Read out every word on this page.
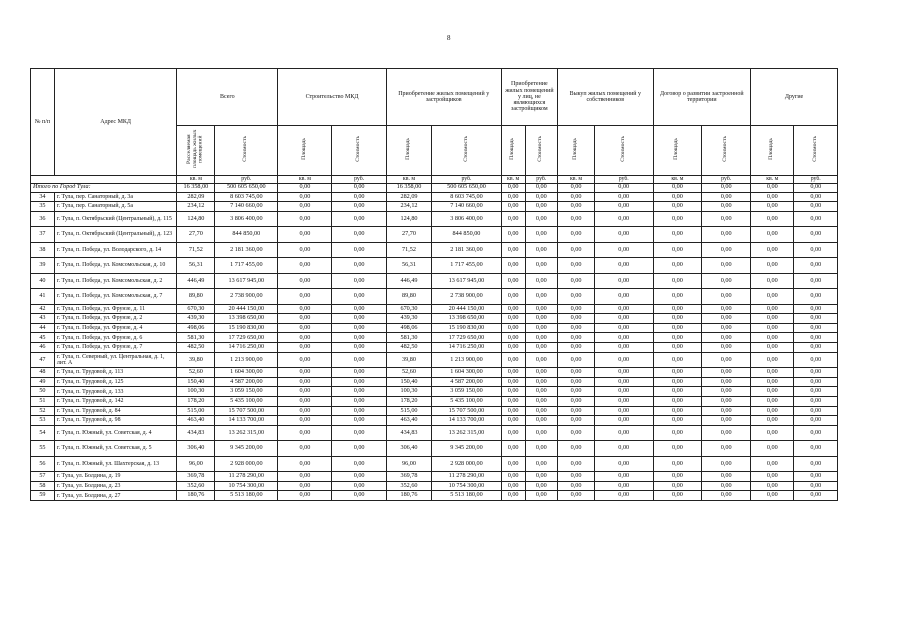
8
№ п/п	Адрес МКД	Всего		Строительство МКД		Приобретение жилых помещений у застройщиков		Приобретение жилых помещений у лиц, не являющихся застройщиком		Выкуп жилых помещений у собственников		Договор о развитии застроенной территории		Другие	
		Расселяемая площадь жилых помещений	Стоимость	Площадь	Стоимость	Площадь	Стоимость	Площадь	Стоимость	Площадь	Стоимость	Площадь	Стоимость	Площадь	Стоимость
		кв. м	руб.	кв. м	руб.	кв. м	руб.	кв. м	руб.	кв. м	руб.	кв. м	руб.	кв. м	руб.
Итого по Город Тула:		16 358,00	500 605 650,00	0,00	0,00	16 358,00	500 605 650,00	0,00	0,00	0,00	0,00	0,00	0,00	0,00	0,00
34	г. Тула, пер. Санаторный, д. 3а	282,09	8 603 745,00	0,00	0,00	282,09	8 603 745,00	0,00	0,00	0,00	0,00	0,00	0,00	0,00	0,00
35	г. Тула, пер. Санаторный, д. 5а	234,12	7 140 660,00	0,00	0,00	234,12	7 140 660,00	0,00	0,00	0,00	0,00	0,00	0,00	0,00	0,00
36	г. Тула, п. Октябрьский (Центральный), д. 115	124,80	3 806 400,00	0,00	0,00	124,80	3 806 400,00	0,00	0,00	0,00	0,00	0,00	0,00	0,00	0,00
37	г. Тула, п. Октябрьский (Центральный), д. 123	27,70	844 850,00	0,00	0,00	27,70	844 850,00	0,00	0,00	0,00	0,00	0,00	0,00	0,00	0,00
38	г. Тула, п. Победа, ул. Володарского, д. 14	71,52	2 181 360,00	0,00	0,00	71,52	2 181 360,00	0,00	0,00	0,00	0,00	0,00	0,00	0,00	0,00
39	г. Тула, п. Победа, ул. Комсомольская, д. 10	56,31	1 717 455,00	0,00	0,00	56,31	1 717 455,00	0,00	0,00	0,00	0,00	0,00	0,00	0,00	0,00
40	г. Тула, п. Победа, ул. Комсомольская, д. 2	446,49	13 617 945,00	0,00	0,00	446,49	13 617 945,00	0,00	0,00	0,00	0,00	0,00	0,00	0,00	0,00
41	г. Тула, п. Победа, ул. Комсомольская, д. 7	89,80	2 738 900,00	0,00	0,00	89,80	2 738 900,00	0,00	0,00	0,00	0,00	0,00	0,00	0,00	0,00
42	г. Тула, п. Победа, ул. Фрунзе, д. 11	670,30	20 444 150,00	0,00	0,00	670,30	20 444 150,00	0,00	0,00	0,00	0,00	0,00	0,00	0,00	0,00
43	г. Тула, п. Победа, ул. Фрунзе, д. 2	439,30	13 398 650,00	0,00	0,00	439,30	13 398 650,00	0,00	0,00	0,00	0,00	0,00	0,00	0,00	0,00
44	г. Тула, п. Победа, ул. Фрунзе, д. 4	498,06	15 190 830,00	0,00	0,00	498,06	15 190 830,00	0,00	0,00	0,00	0,00	0,00	0,00	0,00	0,00
45	г. Тула, п. Победа, ул. Фрунзе, д. 6	581,30	17 729 650,00	0,00	0,00	581,30	17 729 650,00	0,00	0,00	0,00	0,00	0,00	0,00	0,00	0,00
46	г. Тула, п. Победа, ул. Фрунзе, д. 7	482,50	14 716 250,00	0,00	0,00	482,50	14 716 250,00	0,00	0,00	0,00	0,00	0,00	0,00	0,00	0,00
47	г. Тула, п. Северный, ул. Центральная, д. 1, лит. А	39,80	1 213 900,00	0,00	0,00	39,80	1 213 900,00	0,00	0,00	0,00	0,00	0,00	0,00	0,00	0,00
48	г. Тула, п. Трудовой, д. 113	52,60	1 604 300,00	0,00	0,00	52,60	1 604 300,00	0,00	0,00	0,00	0,00	0,00	0,00	0,00	0,00
49	г. Тула, п. Трудовой, д. 125	150,40	4 587 200,00	0,00	0,00	150,40	4 587 200,00	0,00	0,00	0,00	0,00	0,00	0,00	0,00	0,00
50	г. Тула, п. Трудовой, д. 133	100,30	3 059 150,00	0,00	0,00	100,30	3 059 150,00	0,00	0,00	0,00	0,00	0,00	0,00	0,00	0,00
51	г. Тула, п. Трудовой, д. 142	178,20	5 435 100,00	0,00	0,00	178,20	5 435 100,00	0,00	0,00	0,00	0,00	0,00	0,00	0,00	0,00
52	г. Тула, п. Трудовой, д. 84	515,00	15 707 500,00	0,00	0,00	515,00	15 707 500,00	0,00	0,00	0,00	0,00	0,00	0,00	0,00	0,00
53	г. Тула, п. Трудовой, д. 98	463,40	14 133 700,00	0,00	0,00	463,40	14 133 700,00	0,00	0,00	0,00	0,00	0,00	0,00	0,00	0,00
54	г. Тула, п. Южный, ул. Советская, д. 4	434,83	13 262 315,00	0,00	0,00	434,83	13 262 315,00	0,00	0,00	0,00	0,00	0,00	0,00	0,00	0,00
55	г. Тула, п. Южный, ул. Советская, д. 5	306,40	9 345 200,00	0,00	0,00	306,40	9 345 200,00	0,00	0,00	0,00	0,00	0,00	0,00	0,00	0,00
56	г. Тула, п. Южный, ул. Шахтерская, д. 13	96,00	2 928 000,00	0,00	0,00	96,00	2 928 000,00	0,00	0,00	0,00	0,00	0,00	0,00	0,00	0,00
57	г. Тула, ул. Болдина, д. 19	369,78	11 278 290,00	0,00	0,00	369,78	11 278 290,00	0,00	0,00	0,00	0,00	0,00	0,00	0,00	0,00
58	г. Тула, ул. Болдина, д. 23	352,60	10 754 300,00	0,00	0,00	352,60	10 754 300,00	0,00	0,00	0,00	0,00	0,00	0,00	0,00	0,00
59	г. Тула, ул. Болдина, д. 27	180,76	5 513 180,00	0,00	0,00	180,76	5 513 180,00	0,00	0,00	0,00	0,00	0,00	0,00	0,00	0,00
